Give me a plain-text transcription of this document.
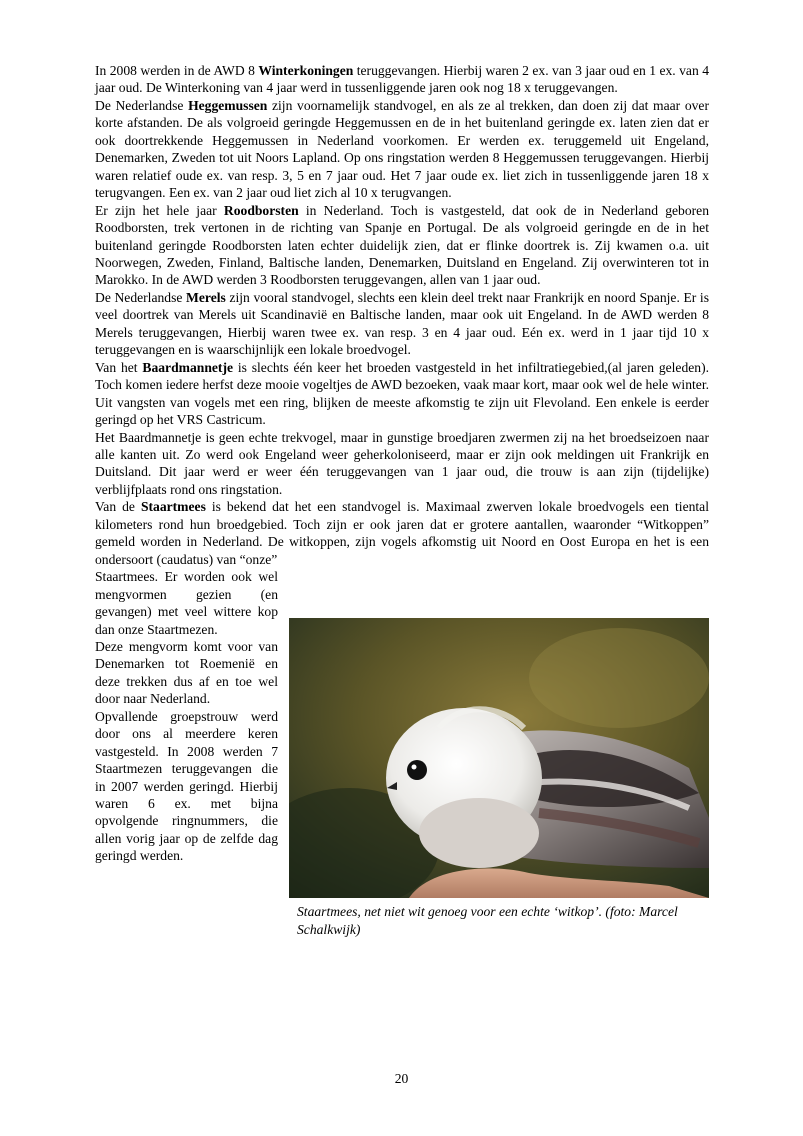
In 2008 werden in de AWD 8 Winterkoningen teruggevangen. Hierbij waren 2 ex. van 3 jaar oud en 1 ex. van 4 jaar oud. De Winterkoning van 4 jaar werd in tussenliggende jaren ook nog 18 x teruggevangen.

De Nederlandse Heggemussen zijn voornamelijk standvogel, en als ze al trekken, dan doen zij dat maar over korte afstanden. De als volgroeid geringde Heggemussen en de in het buitenland geringde ex. laten zien dat er ook doortrekkende Heggemussen in Nederland voorkomen. Er werden ex. teruggemeld uit Engeland, Denemarken, Zweden tot uit Noors Lapland. Op ons ringstation werden 8 Heggemussen teruggevangen. Hierbij waren relatief oude ex. van resp. 3, 5 en 7 jaar oud. Het 7 jaar oude ex. liet zich in tussenliggende jaren 18 x terugvangen. Een ex. van 2 jaar oud liet zich al 10 x terugvangen.

Er zijn het hele jaar Roodborsten in Nederland. Toch is vastgesteld, dat ook de in Nederland geboren Roodborsten, trek vertonen in de richting van Spanje en Portugal. De als volgroeid geringde en de in het buitenland geringde Roodborsten laten echter duidelijk zien, dat er flinke doortrek is. Zij kwamen o.a. uit Noorwegen, Zweden, Finland, Baltische landen, Denemarken, Duitsland en Engeland. Zij overwinteren tot in Marokko. In de AWD werden 3 Roodborsten teruggevangen, allen van 1 jaar oud.

De Nederlandse Merels zijn vooral standvogel, slechts een klein deel trekt naar Frankrijk en noord Spanje. Er is veel doortrek van Merels uit Scandinavië en Baltische landen, maar ook uit Engeland. In de AWD werden 8 Merels teruggevangen, Hierbij waren twee ex. van resp. 3 en 4 jaar oud. Eén ex. werd in 1 jaar tijd 10 x teruggevangen en is waarschijnlijk een lokale broedvogel.

Van het Baardmannetje is slechts één keer het broeden vastgesteld in het infiltratiegebied,(al jaren geleden). Toch komen iedere herfst deze mooie vogeltjes de AWD bezoeken, vaak maar kort, maar ook wel de hele winter. Uit vangsten van vogels met een ring, blijken de meeste afkomstig te zijn uit Flevoland. Een enkele is eerder geringd op het VRS Castricum.

Het Baardmannetje is geen echte trekvogel, maar in gunstige broedjaren zwermen zij na het broedseizoen naar alle kanten uit. Zo werd ook Engeland weer geherkoloniseerd, maar er zijn ook meldingen uit Frankrijk en Duitsland. Dit jaar werd er weer één teruggevangen van 1 jaar oud, die trouw is aan zijn (tijdelijke) verblijfplaats rond ons ringstation.

Van de Staartmees is bekend dat het een standvogel is. Maximaal zwerven lokale broedvogels een tiental kilometers rond hun broedgebied. Toch zijn er ook jaren dat er grotere aantallen, waaronder “Witkoppen” gemeld worden in Nederland. De witkoppen, zijn vogels afkomstig uit Noord en Oost Europa en het is een ondersoort (caudatus) van “onze”

Staartmees. Er worden ook wel mengvormen gezien (en gevangen) met veel wittere kop dan onze Staartmezen.

Deze mengvorm komt voor van Denemarken tot Roemenië en deze trekken dus af en toe wel door naar Nederland.

Opvallende groepstrouw werd door ons al meerdere keren vastgesteld. In 2008 werden 7 Staartmezen teruggevangen die in 2007 werden geringd. Hierbij waren 6 ex. met bijna opvolgende ringnummers, die allen vorig jaar op de zelfde dag geringd werden.

Staartmees, net niet wit genoeg voor een echte ‘witkop’. (foto: Marcel Schalkwijk)
20
